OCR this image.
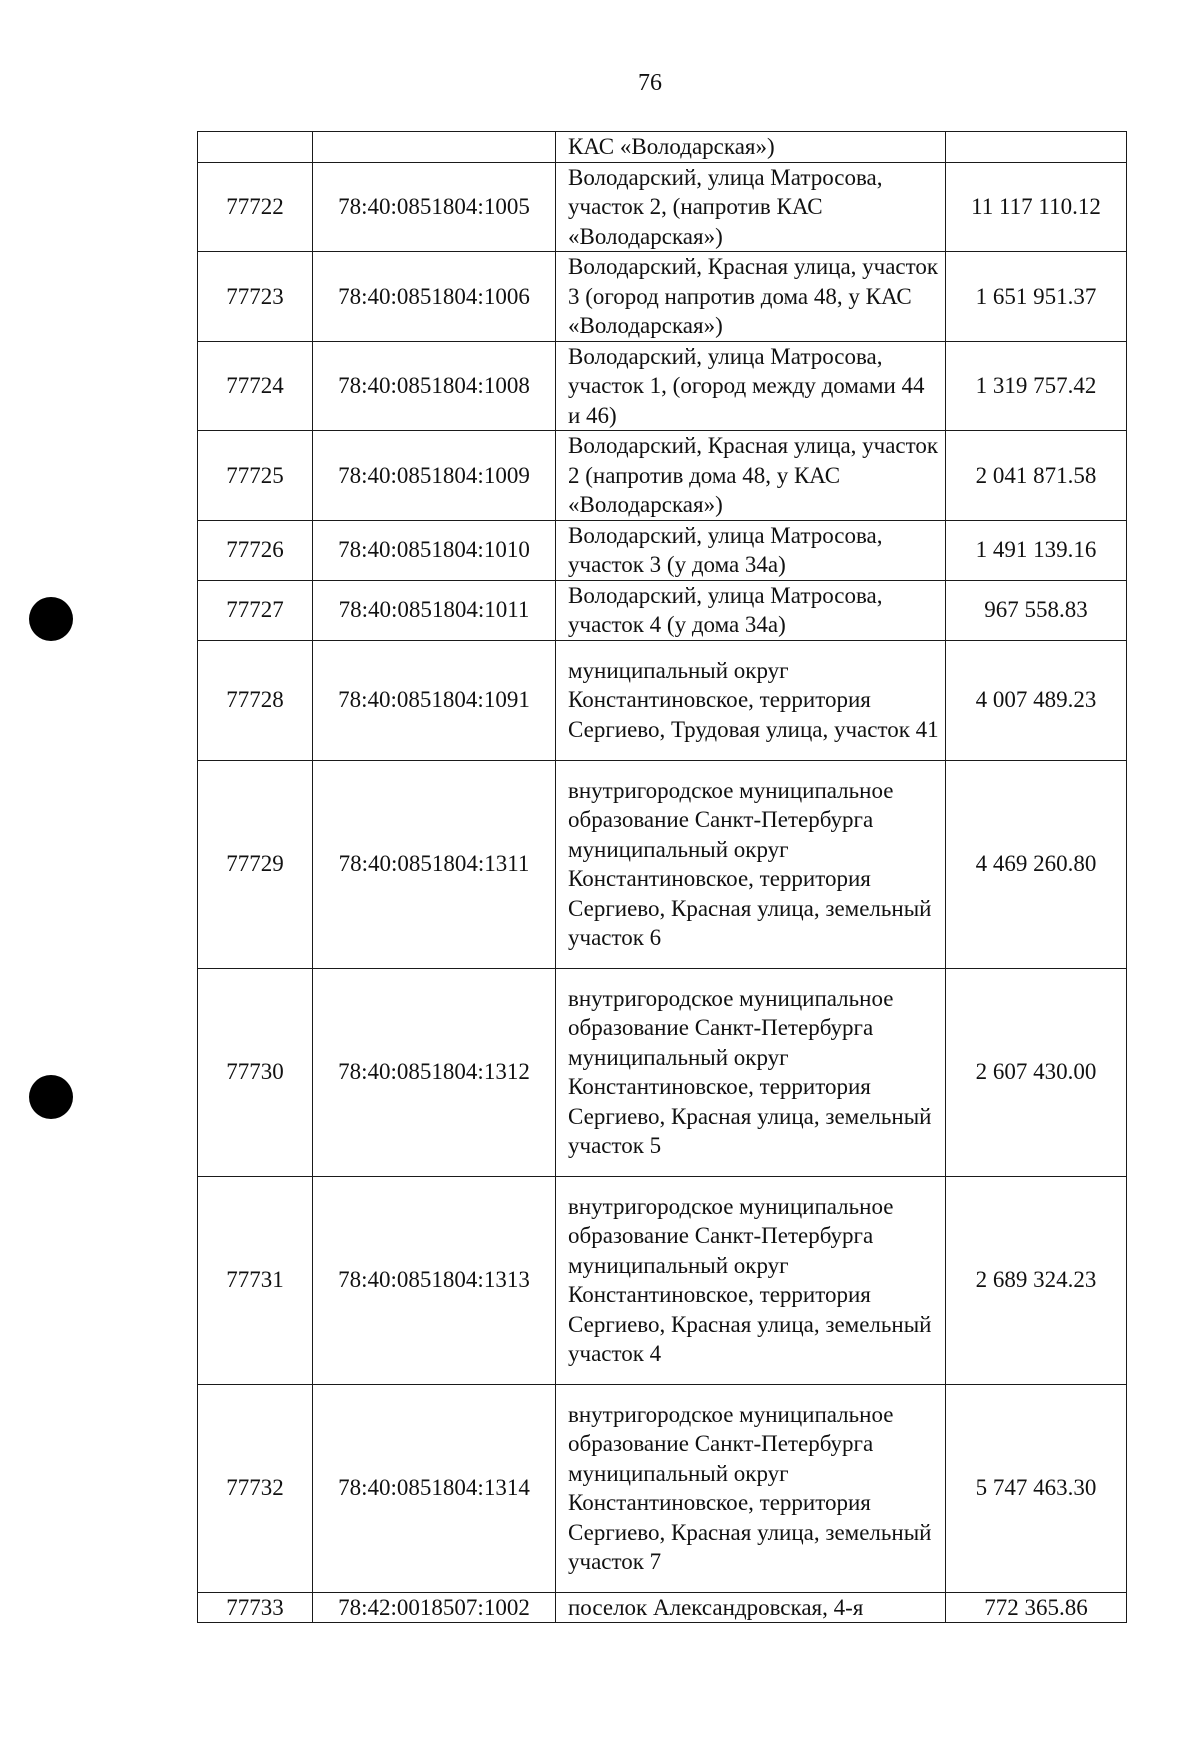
76
		КАС «Володарская»)	
77722	78:40:0851804:1005	Володарский, улица Матросова, участок 2, (напротив КАС «Володарская»)	11 117 110.12
77723	78:40:0851804:1006	Володарский, Красная улица, участок 3 (огород напротив дома 48, у КАС «Володарская»)	1 651 951.37
77724	78:40:0851804:1008	Володарский, улица Матросова, участок 1, (огород между домами 44 и 46)	1 319 757.42
77725	78:40:0851804:1009	Володарский, Красная улица, участок 2 (напротив дома 48, у КАС «Володарская»)	2 041 871.58
77726	78:40:0851804:1010	Володарский, улица Матросова, участок 3 (у дома 34а)	1 491 139.16
77727	78:40:0851804:1011	Володарский, улица Матросова, участок 4 (у дома 34а)	967 558.83
77728	78:40:0851804:1091	муниципальный округ Константиновское, территория Сергиево, Трудовая улица, участок 41	4 007 489.23
77729	78:40:0851804:1311	внутригородское муниципальное образование Санкт-Петербурга муниципальный округ Константиновское, территория Сергиево, Красная улица, земельный участок 6	4 469 260.80
77730	78:40:0851804:1312	внутригородское муниципальное образование Санкт-Петербурга муниципальный округ Константиновское, территория Сергиево, Красная улица, земельный участок 5	2 607 430.00
77731	78:40:0851804:1313	внутригородское муниципальное образование Санкт-Петербурга муниципальный округ Константиновское, территория Сергиево, Красная улица, земельный участок 4	2 689 324.23
77732	78:40:0851804:1314	внутригородское муниципальное образование Санкт-Петербурга муниципальный округ Константиновское, территория Сергиево, Красная улица, земельный участок 7	5 747 463.30
77733	78:42:0018507:1002	поселок Александровская, 4-я	772 365.86
